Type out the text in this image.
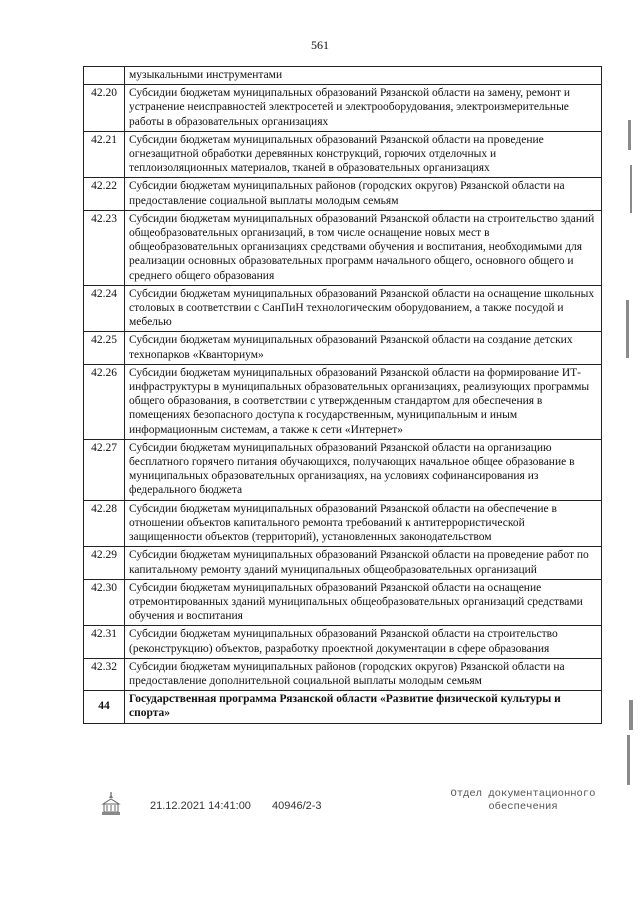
561
	музыкальными инструментами
42.20	Субсидии бюджетам муниципальных образований Рязанской области на замену, ремонт и устранение неисправностей электросетей и электрооборудования, электроизмерительные работы в образовательных организациях
42.21	Субсидии бюджетам муниципальных образований Рязанской области на проведение огнезащитной обработки деревянных конструкций, горючих отделочных и теплоизоляционных материалов, тканей в образовательных организациях
42.22	Субсидии бюджетам муниципальных районов (городских округов) Рязанской области на предоставление социальной выплаты молодым семьям
42.23	Субсидии бюджетам муниципальных образований Рязанской области на строительство зданий общеобразовательных организаций, в том числе оснащение новых мест в общеобразовательных организациях средствами обучения и воспитания, необходимыми для реализации основных образовательных программ начального общего, основного общего и среднего общего образования
42.24	Субсидии бюджетам муниципальных образований Рязанской области на оснащение школьных столовых в соответствии с СанПиН технологическим оборудованием, а также посудой и мебелью
42.25	Субсидии бюджетам муниципальных образований Рязанской области на создание детских технопарков «Кванториум»
42.26	Субсидии бюджетам муниципальных образований Рязанской области на формирование ИТ-инфраструктуры в муниципальных образовательных организациях, реализующих программы общего образования, в соответствии с утвержденным стандартом для обеспечения в помещениях безопасного доступа к государственным, муниципальным и иным информационным системам, а также к сети «Интернет»
42.27	Субсидии бюджетам муниципальных образований Рязанской области на организацию бесплатного горячего питания обучающихся, получающих начальное общее образование в муниципальных образовательных организациях, на условиях софинансирования из федерального бюджета
42.28	Субсидии бюджетам муниципальных образований Рязанской области на обеспечение в отношении объектов капитального ремонта требований к антитеррористической защищенности объектов (территорий), установленных законодательством
42.29	Субсидии бюджетам муниципальных образований Рязанской области на проведение работ по капитальному ремонту зданий муниципальных общеобразовательных организаций
42.30	Субсидии бюджетам муниципальных образований Рязанской области на оснащение отремонтированных зданий муниципальных общеобразовательных организаций средствами обучения и воспитания
42.31	Субсидии бюджетам муниципальных образований Рязанской области на строительство (реконструкцию) объектов, разработку проектной документации в сфере образования
42.32	Субсидии бюджетам муниципальных районов (городских округов) Рязанской области на предоставление дополнительной социальной выплаты молодым семьям
44	Государственная программа Рязанской области «Развитие физической культуры и спорта»
21.12.2021 14:41:00 40946/2-3
Отдел документационного
обеспечения
